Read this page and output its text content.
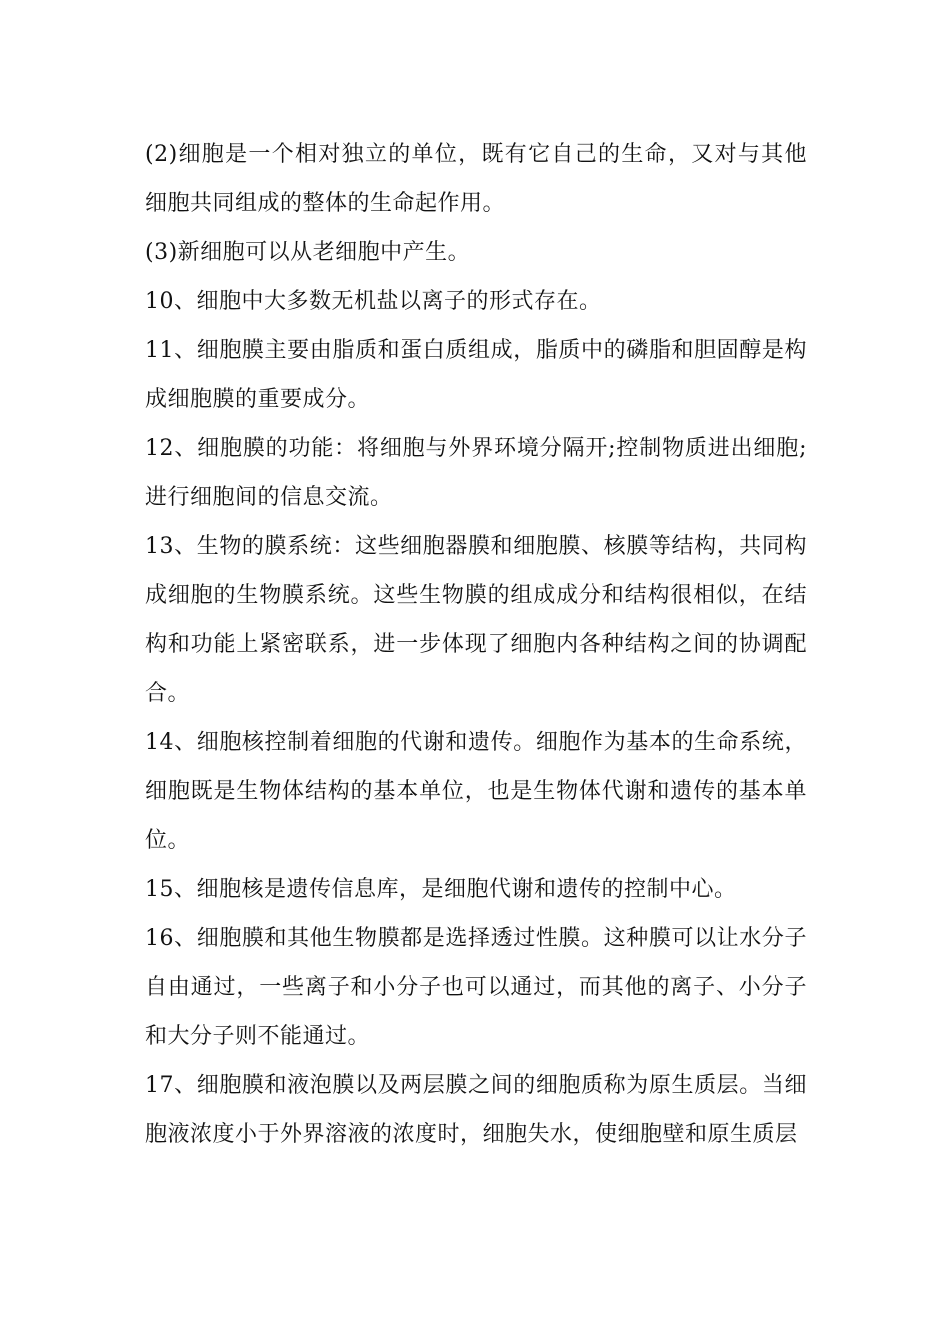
(2)细胞是一个相对独立的单位，既有它自己的生命，又对与其他细胞共同组成的整体的生命起作用。

(3)新细胞可以从老细胞中产生。

10、细胞中大多数无机盐以离子的形式存在。

11、细胞膜主要由脂质和蛋白质组成，脂质中的磷脂和胆固醇是构成细胞膜的重要成分。

12、细胞膜的功能：将细胞与外界环境分隔开;控制物质进出细胞;进行细胞间的信息交流。

13、生物的膜系统：这些细胞器膜和细胞膜、核膜等结构，共同构成细胞的生物膜系统。这些生物膜的组成成分和结构很相似，在结构和功能上紧密联系，进一步体现了细胞内各种结构之间的协调配合。

14、细胞核控制着细胞的代谢和遗传。细胞作为基本的生命系统，细胞既是生物体结构的基本单位，也是生物体代谢和遗传的基本单位。

15、细胞核是遗传信息库，是细胞代谢和遗传的控制中心。

16、细胞膜和其他生物膜都是选择透过性膜。这种膜可以让水分子自由通过，一些离子和小分子也可以通过，而其他的离子、小分子和大分子则不能通过。

17、细胞膜和液泡膜以及两层膜之间的细胞质称为原生质层。当细胞液浓度小于外界溶液的浓度时，细胞失水，使细胞壁和原生质层
